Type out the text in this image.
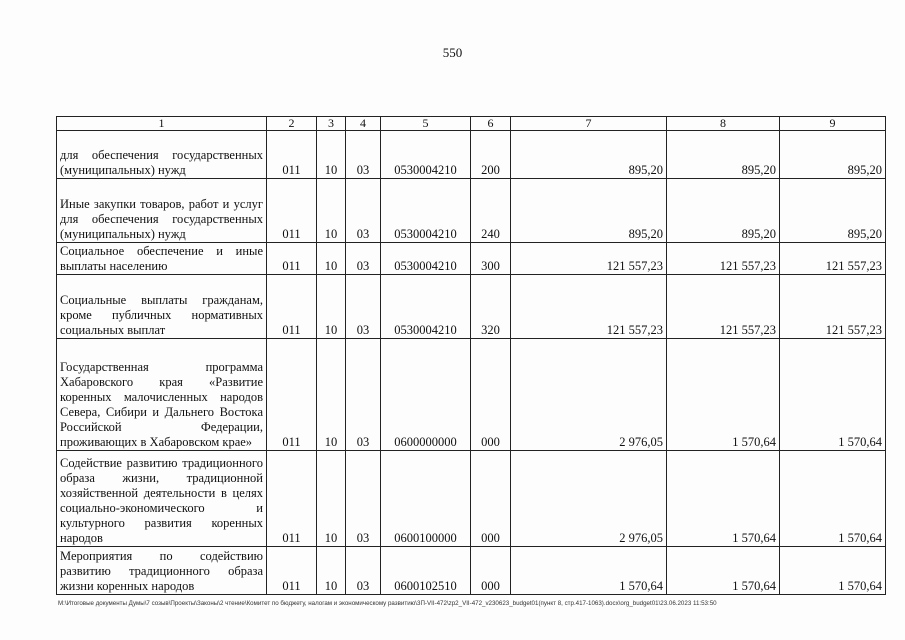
550
1	2	3	4	5	6	7	8	9
для обеспечения государственных (муниципальных) нужд	011	10	03	0530004210	200	895,20	895,20	895,20
Иные закупки товаров, работ и услуг для обеспечения государственных (муниципальных) нужд	011	10	03	0530004210	240	895,20	895,20	895,20
Социальное обеспечение и иные выплаты населению	011	10	03	0530004210	300	121 557,23	121 557,23	121 557,23
Социальные выплаты гражданам, кроме публичных нормативных социальных выплат	011	10	03	0530004210	320	121 557,23	121 557,23	121 557,23
Государственная программа Хабаровского края «Развитие коренных малочисленных народов Севера, Сибири и Дальнего Востока Российской Федерации, проживающих в Хабаровском крае»	011	10	03	0600000000	000	2 976,05	1 570,64	1 570,64
Содействие развитию традиционного образа жизни, традиционной хозяйственной деятельности в целях социально-экономического и культурного развития коренных народов	011	10	03	0600100000	000	2 976,05	1 570,64	1 570,64
Мероприятия по содействию развитию традиционного образа жизни коренных народов	011	10	03	0600102510	000	1 570,64	1 570,64	1 570,64
M:\Итоговые документы Думы\7 созыв\Проекты\Законы\2 чтение\Комитет по бюджету, налогам и экономическому развитию\3П-VII-472\zp2_VII-472_v230623_budget01(пункт 8, стр.417-1063).docx\org_budget01\23.06.2023 11:53:50
